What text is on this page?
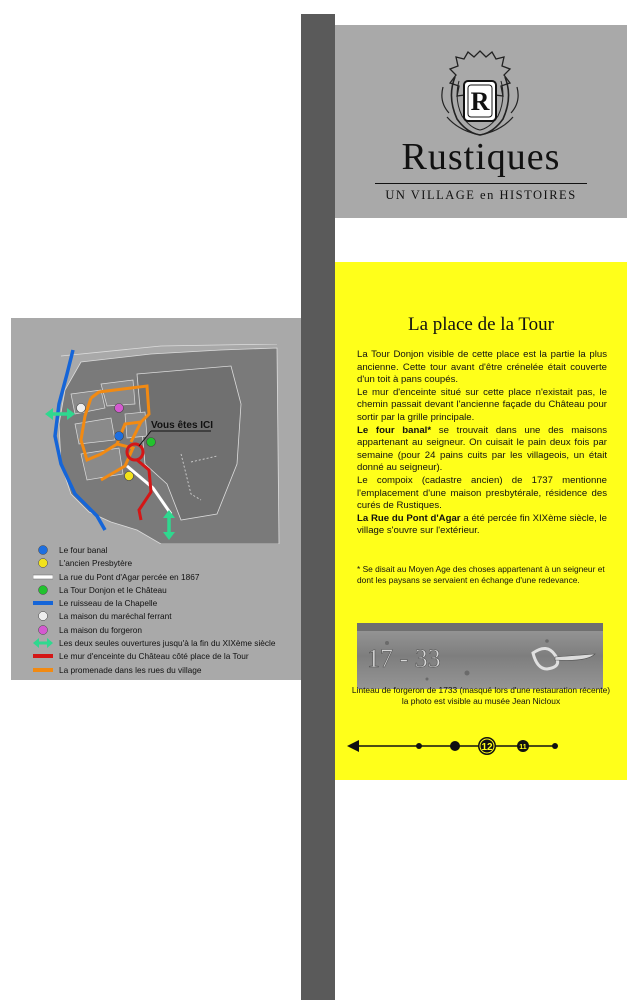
R
Rustiques
UN VILLAGE en HISTOIRES
La place de la Tour

La Tour Donjon visible de cette place est la partie la plus ancienne. Cette tour avant d'être crénelée était couverte d'un toit à pans coupés.

Le mur d'enceinte situé sur cette place n'existait pas, le chemin passait devant l'ancienne façade du Château pour sortir par la grille principale.

Le four banal* se trouvait dans une des maisons appartenant au seigneur. On cuisait le pain deux fois par semaine (pour 24 pains cuits par les villageois, un était donné au seigneur).

Le compoix (cadastre ancien) de 1737 mentionne l'emplacement d'une maison presbytérale, résidence des curés de Rustiques.

La Rue du Pont d'Agar a été percée fin XIXème siècle, le village s'ouvre sur l'extérieur.

* Se disait au Moyen Age des choses appartenant à un seigneur et dont les paysans se servaient en échange d'une redevance.
17 - 33
Linteau de forgeron de 1733 (masqué lors d'une restauration récente)
la photo est visible au musée Jean Nicloux
12	11
Vous êtes ICI
Le four banal
L'ancien Presbytère
La rue du Pont d'Agar percée en 1867
La Tour Donjon et le Château
Le ruisseau de la Chapelle
La maison du maréchal ferrant
La maison du forgeron
Les deux seules ouvertures jusqu'à la fin du XIXème siècle
Le mur d'enceinte du Château côté place de la Tour
La promenade dans les rues du village
